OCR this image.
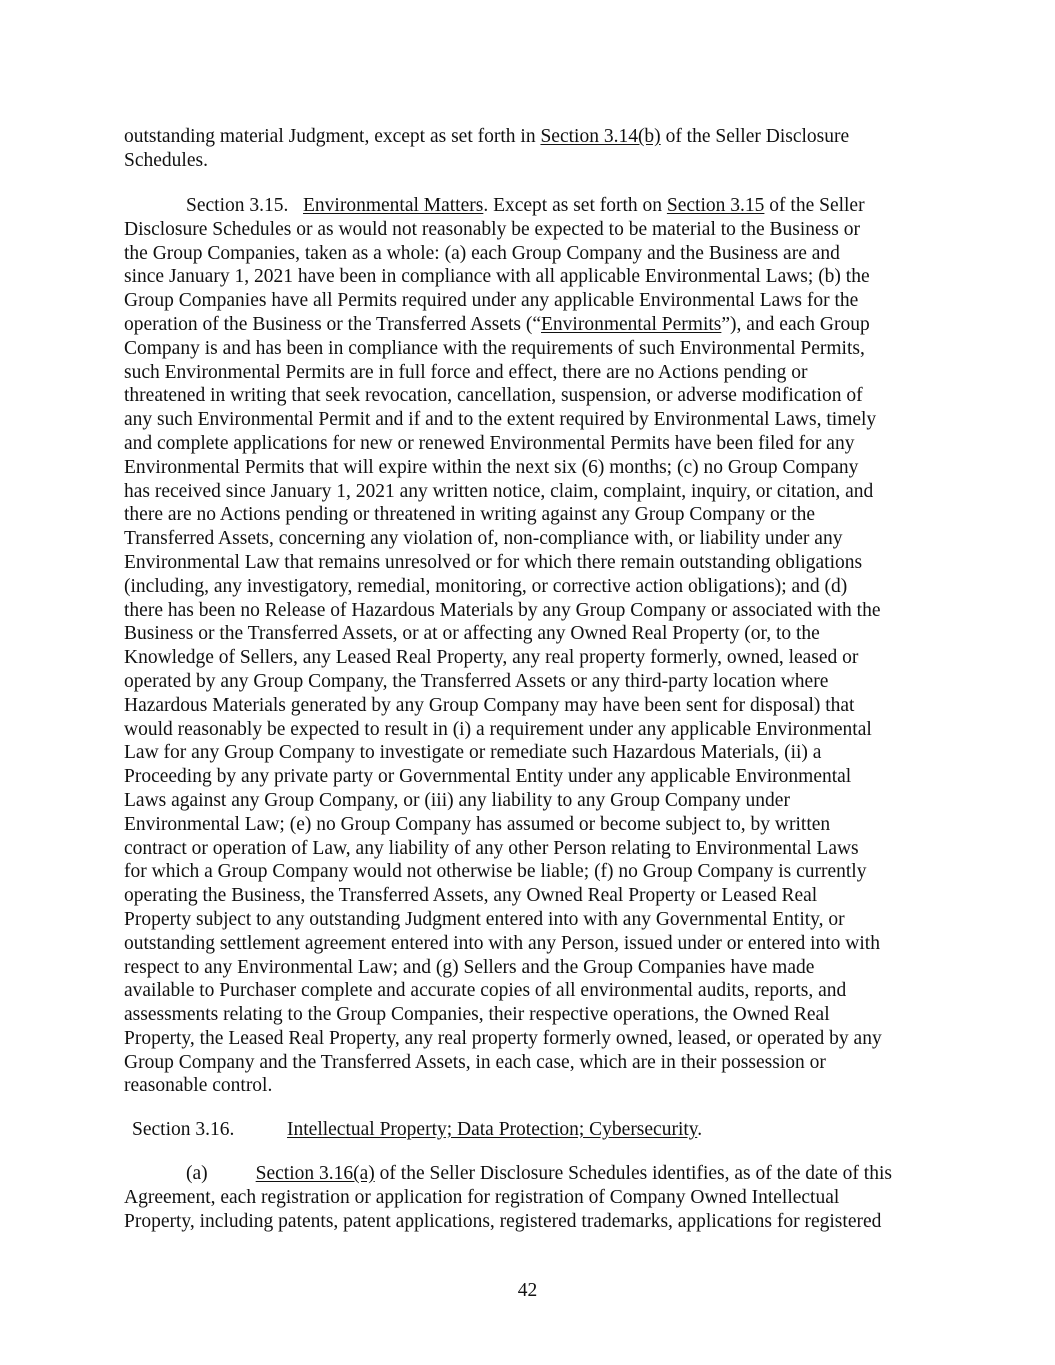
outstanding material Judgment, except as set forth in Section 3.14(b) of the Seller Disclosure
Schedules.
Section 3.15. Environmental Matters. Except as set forth on Section 3.15 of the Seller
Disclosure Schedules or as would not reasonably be expected to be material to the Business or
the Group Companies, taken as a whole: (a) each Group Company and the Business are and
since January 1, 2021 have been in compliance with all applicable Environmental Laws; (b) the
Group Companies have all Permits required under any applicable Environmental Laws for the
operation of the Business or the Transferred Assets (“Environmental Permits”), and each Group
Company is and has been in compliance with the requirements of such Environmental Permits,
such Environmental Permits are in full force and effect, there are no Actions pending or
threatened in writing that seek revocation, cancellation, suspension, or adverse modification of
any such Environmental Permit and if and to the extent required by Environmental Laws, timely
and complete applications for new or renewed Environmental Permits have been filed for any
Environmental Permits that will expire within the next six (6) months; (c) no Group Company
has received since January 1, 2021 any written notice, claim, complaint, inquiry, or citation, and
there are no Actions pending or threatened in writing against any Group Company or the
Transferred Assets, concerning any violation of, non-compliance with, or liability under any
Environmental Law that remains unresolved or for which there remain outstanding obligations
(including, any investigatory, remedial, monitoring, or corrective action obligations); and (d)
there has been no Release of Hazardous Materials by any Group Company or associated with the
Business or the Transferred Assets, or at or affecting any Owned Real Property (or, to the
Knowledge of Sellers, any Leased Real Property, any real property formerly, owned, leased or
operated by any Group Company, the Transferred Assets or any third-party location where
Hazardous Materials generated by any Group Company may have been sent for disposal) that
would reasonably be expected to result in (i) a requirement under any applicable Environmental
Law for any Group Company to investigate or remediate such Hazardous Materials, (ii) a
Proceeding by any private party or Governmental Entity under any applicable Environmental
Laws against any Group Company, or (iii) any liability to any Group Company under
Environmental Law; (e) no Group Company has assumed or become subject to, by written
contract or operation of Law, any liability of any other Person relating to Environmental Laws
for which a Group Company would not otherwise be liable; (f) no Group Company is currently
operating the Business, the Transferred Assets, any Owned Real Property or Leased Real
Property subject to any outstanding Judgment entered into with any Governmental Entity, or
outstanding settlement agreement entered into with any Person, issued under or entered into with
respect to any Environmental Law; and (g) Sellers and the Group Companies have made
available to Purchaser complete and accurate copies of all environmental audits, reports, and
assessments relating to the Group Companies, their respective operations, the Owned Real
Property, the Leased Real Property, any real property formerly owned, leased, or operated by any
Group Company and the Transferred Assets, in each case, which are in their possession or
reasonable control.
Section 3.16.	Intellectual Property; Data Protection; Cybersecurity.
(a) Section 3.16(a) of the Seller Disclosure Schedules identifies, as of the date of this
Agreement, each registration or application for registration of Company Owned Intellectual
Property, including patents, patent applications, registered trademarks, applications for registered
42
